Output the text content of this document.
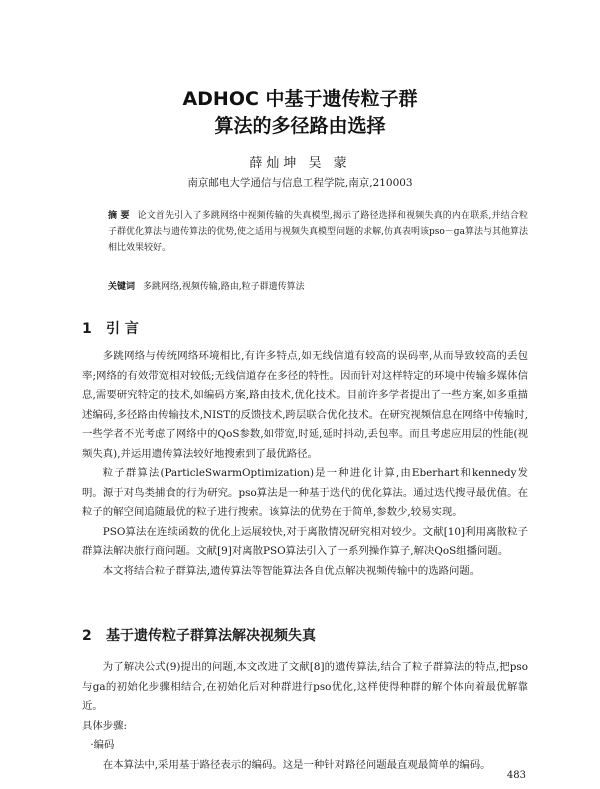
ADHOC 中基于遗传粒子群
算法的多径路由选择
薛灿坤 吴 蒙
南京邮电大学通信与信息工程学院,南京,210003
摘 要 论文首先引入了多跳网络中视频传输的失真模型,揭示了路径选择和视频失真的内在联系,并结合粒子群优化算法与遗传算法的优势,使之适用与视频失真模型问题的求解,仿真表明该pso－ga算法与其他算法相比效果较好。
关键词 多跳网络,视频传输,路由,粒子群遗传算法
1 引 言

多跳网络与传统网络环境相比,有许多特点,如无线信道有较高的误码率,从而导致较高的丢包率;网络的有效带宽相对较低;无线信道存在多径的特性。因而针对这样特定的环境中传输多媒体信息,需要研究特定的技术,如编码方案,路由技术,优化技术。目前许多学者提出了一些方案,如多重描述编码,多径路由传输技术,NIST的反馈技术,跨层联合优化技术。在研究视频信息在网络中传输时,一些学者不光考虑了网络中的QoS参数,如带宽,时延,延时抖动,丢包率。而且考虑应用层的性能(视频失真),并运用遗传算法较好地搜索到了最优路径。

粒子群算法(ParticleSwarmOptimization)是一种进化计算,由Eberhart和kennedy发明。源于对鸟类捕食的行为研究。pso算法是一种基于迭代的优化算法。通过迭代搜寻最优值。在粒子的解空间追随最优的粒子进行搜索。该算法的优势在于简单,参数少,较易实现。

PSO算法在连续函数的优化上运展较快,对于离散情况研究相对较少。文献[10]利用离散粒子群算法解决旅行商问题。文献[9]对离散PSO算法引入了一系列操作算子,解决QoS组播问题。

本文将结合粒子群算法,遗传算法等智能算法各自优点解决视频传输中的选路问题。

2 基于遗传粒子群算法解决视频失真

为了解决公式(9)提出的问题,本文改进了文献[8]的遗传算法,结合了粒子群算法的特点,把pso与ga的初始化步骤相结合,在初始化后对种群进行pso优化,这样使得种群的解个体向着最优解靠近。

具体步骤:

·编码

在本算法中,采用基于路径表示的编码。这是一种针对路径问题最直观最简单的编码。

483
